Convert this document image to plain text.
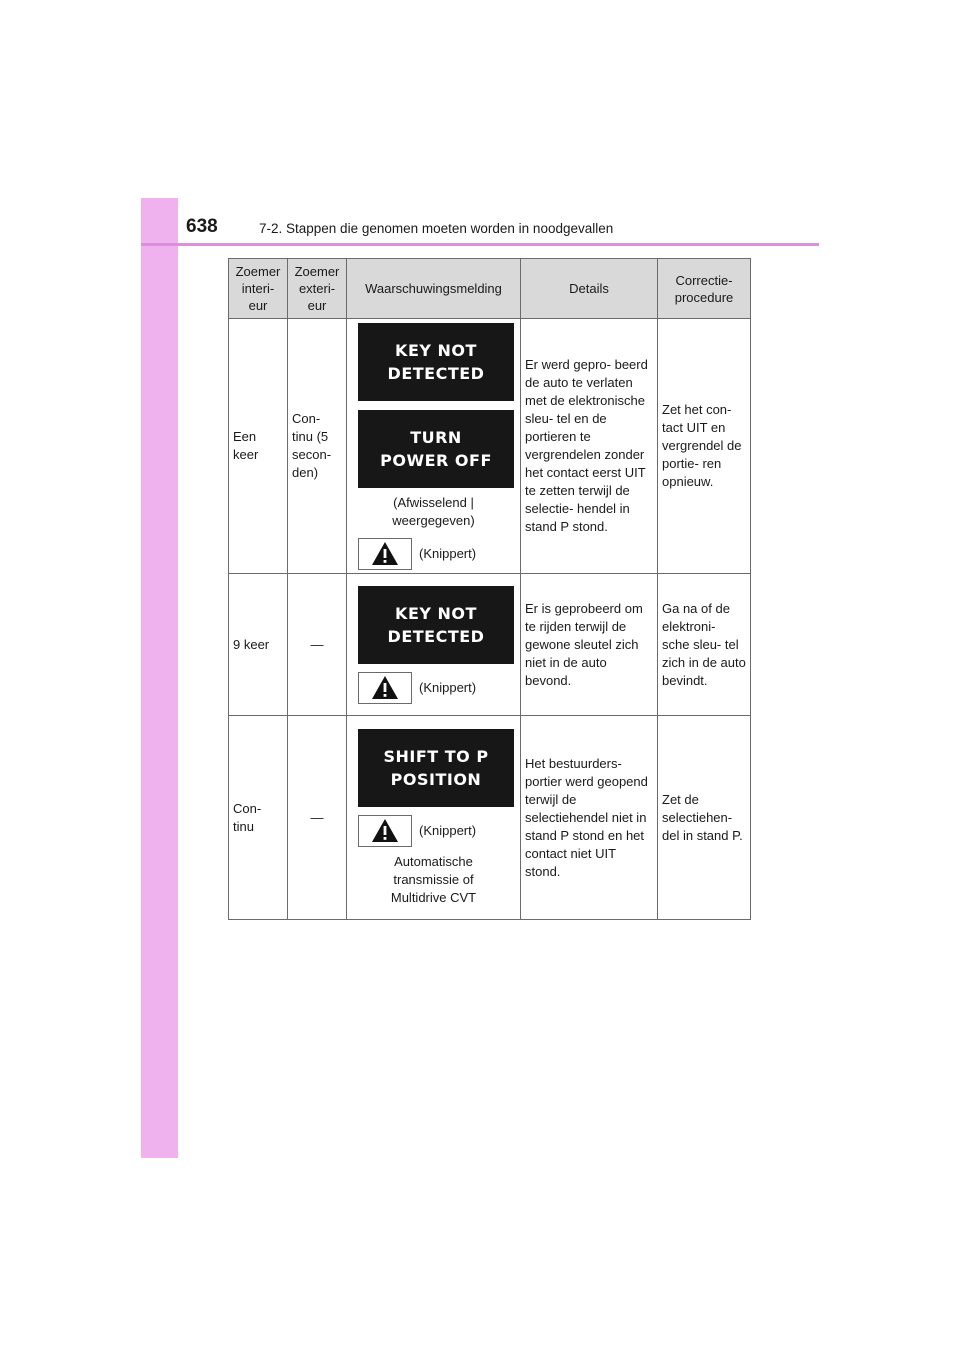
638	7-2. Stappen die genomen moeten worden in noodgevallen
Zoemer interi- eur	Zoemer exteri- eur	Waarschuwingsmelding	Details	Correctie- procedure
Een keer	Con- tinu (5 secon- den)	KEY NOT DETECTED
TURN POWER OFF
(Afwisselend | weergegeven)
(Knippert)	Er werd gepro- beerd de auto te verlaten met de elektronische sleu- tel en de portieren te vergrendelen zonder het contact eerst UIT te zetten terwijl de selectie- hendel in stand P stond.	Zet het con- tact UIT en vergrendel de portie- ren opnieuw.
9 keer	—	KEY NOT DETECTED
(Knippert)	Er is geprobeerd om te rijden terwijl de gewone sleutel zich niet in de auto bevond.	Ga na of de elektroni- sche sleu- tel zich in de auto bevindt.
Con- tinu	—	SHIFT TO P POSITION
(Knippert)
Automatische transmissie of Multidrive CVT	Het bestuurders- portier werd geopend terwijl de selectiehendel niet in stand P stond en het contact niet UIT stond.	Zet de selectiehen- del in stand P.
